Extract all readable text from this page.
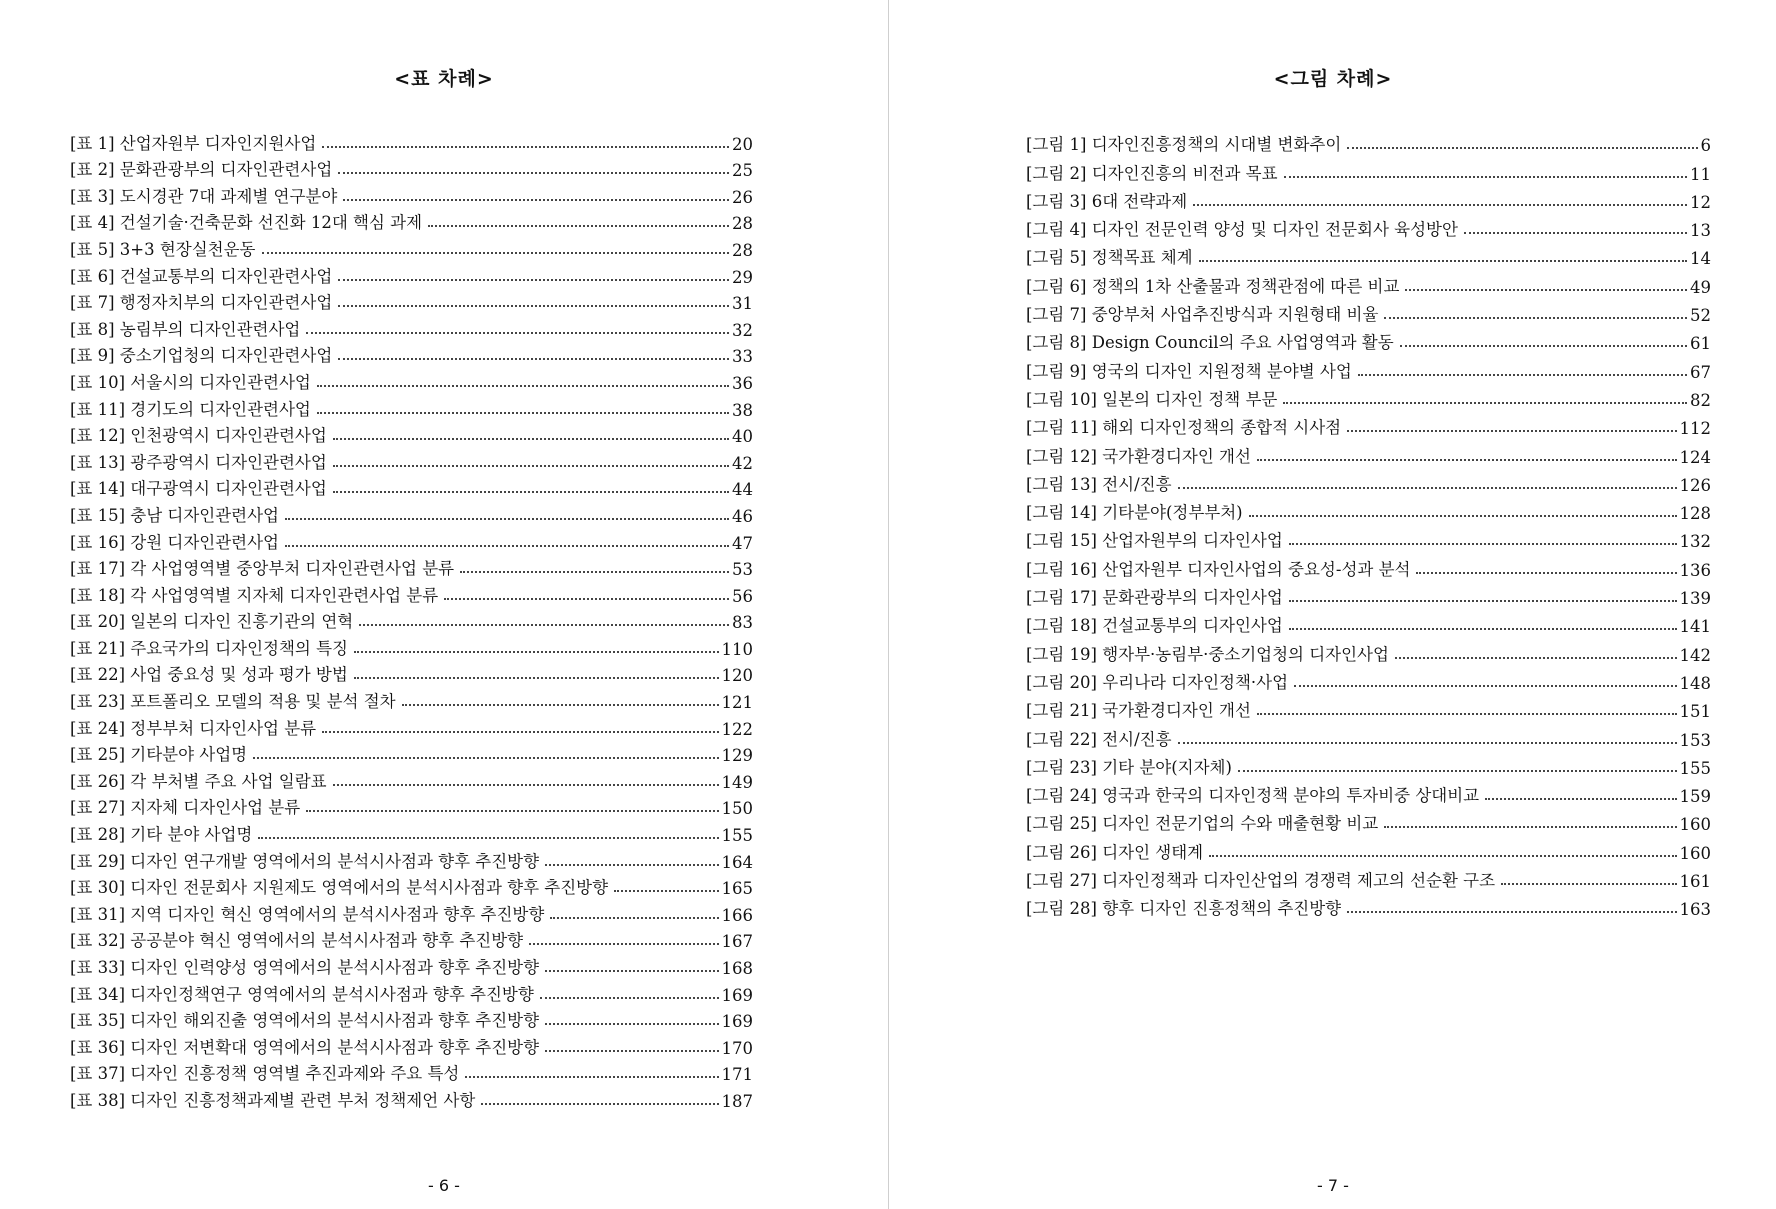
<표 차례>
[표 1] 산업자원부 디자인지원사업	20
[표 2] 문화관광부의 디자인관련사업	25
[표 3] 도시경관 7대 과제별 연구분야	26
[표 4] 건설기술·건축문화 선진화 12대 핵심 과제	28
[표 5] 3+3 현장실천운동	28
[표 6] 건설교통부의 디자인관련사업	29
[표 7] 행정자치부의 디자인관련사업	31
[표 8] 농림부의 디자인관련사업	32
[표 9] 중소기업청의 디자인관련사업	33
[표 10] 서울시의 디자인관련사업	36
[표 11] 경기도의 디자인관련사업	38
[표 12] 인천광역시 디자인관련사업	40
[표 13] 광주광역시 디자인관련사업	42
[표 14] 대구광역시 디자인관련사업	44
[표 15] 충남 디자인관련사업	46
[표 16] 강원 디자인관련사업	47
[표 17] 각 사업영역별 중앙부처 디자인관련사업 분류	53
[표 18] 각 사업영역별 지자체 디자인관련사업 분류	56
[표 20] 일본의 디자인 진흥기관의 연혁	83
[표 21] 주요국가의 디자인정책의 특징	110
[표 22] 사업 중요성 및 성과 평가 방법	120
[표 23] 포트폴리오 모델의 적용 및 분석 절차	121
[표 24] 정부부처 디자인사업 분류	122
[표 25] 기타분야 사업명	129
[표 26] 각 부처별 주요 사업 일람표	149
[표 27] 지자체 디자인사업 분류	150
[표 28] 기타 분야 사업명	155
[표 29] 디자인 연구개발 영역에서의 분석시사점과 향후 추진방향	164
[표 30] 디자인 전문회사 지원제도 영역에서의 분석시사점과 향후 추진방향	165
[표 31] 지역 디자인 혁신 영역에서의 분석시사점과 향후 추진방향	166
[표 32] 공공분야 혁신 영역에서의 분석시사점과 향후 추진방향	167
[표 33] 디자인 인력양성 영역에서의 분석시사점과 향후 추진방향	168
[표 34] 디자인정책연구 영역에서의 분석시사점과 향후 추진방향	169
[표 35] 디자인 해외진출 영역에서의 분석시사점과 향후 추진방향	169
[표 36] 디자인 저변확대 영역에서의 분석시사점과 향후 추진방향	170
[표 37] 디자인 진흥정책 영역별 추진과제와 주요 특성	171
[표 38] 디자인 진흥정책과제별 관련 부처 정책제언 사항	187
- 6 -
<그림 차례>
[그림 1] 디자인진흥정책의 시대별 변화추이	6
[그림 2] 디자인진흥의 비전과 목표	11
[그림 3] 6대 전략과제	12
[그림 4] 디자인 전문인력 양성 및 디자인 전문회사 육성방안	13
[그림 5] 정책목표 체계	14
[그림 6] 정책의 1차 산출물과 정책관점에 따른 비교	49
[그림 7] 중앙부처 사업추진방식과 지원형태 비율	52
[그림 8] Design Council의 주요 사업영역과 활동	61
[그림 9] 영국의 디자인 지원정책 분야별 사업	67
[그림 10] 일본의 디자인 정책 부문	82
[그림 11] 해외 디자인정책의 종합적 시사점	112
[그림 12] 국가환경디자인 개선	124
[그림 13] 전시/진흥	126
[그림 14] 기타분야(정부부처)	128
[그림 15] 산업자원부의 디자인사업	132
[그림 16] 산업자원부 디자인사업의 중요성-성과 분석	136
[그림 17] 문화관광부의 디자인사업	139
[그림 18] 건설교통부의 디자인사업	141
[그림 19] 행자부·농림부·중소기업청의 디자인사업	142
[그림 20] 우리나라 디자인정책·사업	148
[그림 21] 국가환경디자인 개선	151
[그림 22] 전시/진흥	153
[그림 23] 기타 분야(지자체)	155
[그림 24] 영국과 한국의 디자인정책 분야의 투자비중 상대비교	159
[그림 25] 디자인 전문기업의 수와 매출현황 비교	160
[그림 26] 디자인 생태계	160
[그림 27] 디자인정책과 디자인산업의 경쟁력 제고의 선순환 구조	161
[그림 28] 향후 디자인 진흥정책의 추진방향	163
- 7 -
